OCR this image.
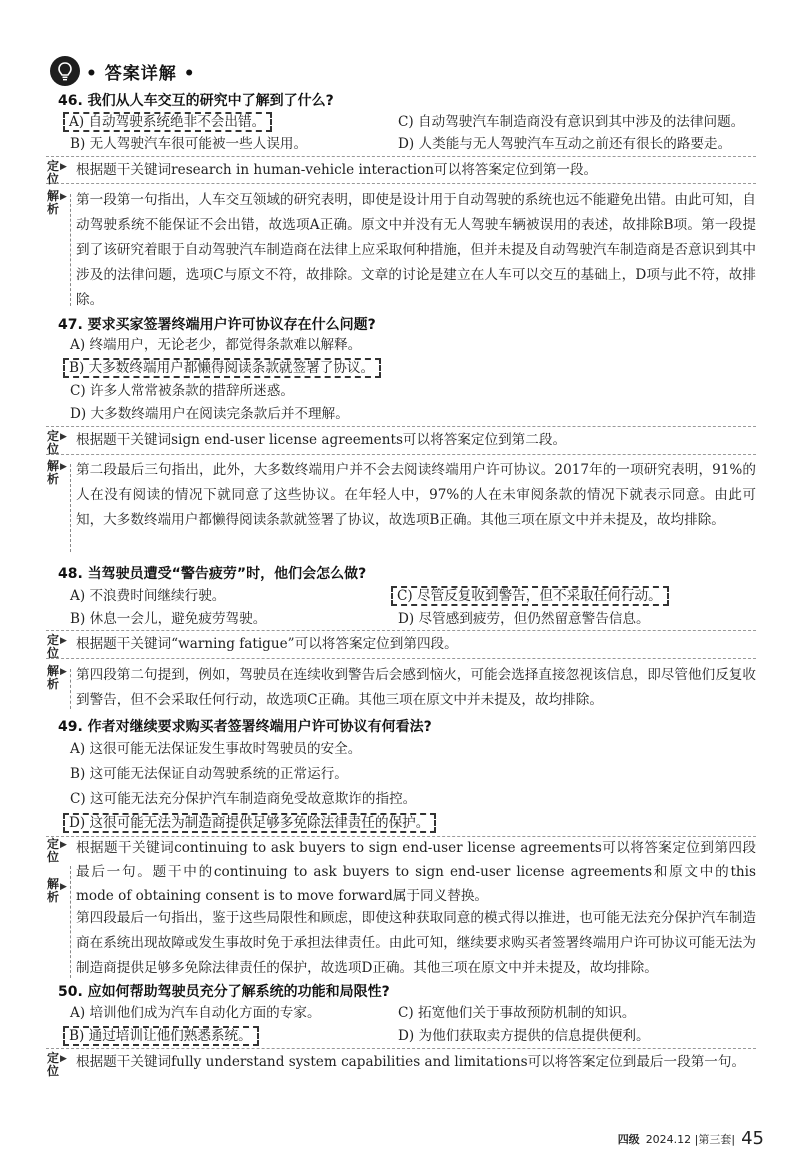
• 答案详解 •
46. 我们从人车交互的研究中了解到了什么?
A) 自动驾驶系统绝非不会出错。	C) 自动驾驶汽车制造商没有意识到其中涉及的法律问题。
B) 无人驾驶汽车很可能被一些人误用。	D) 人类能与无人驾驶汽车互动之前还有很长的路要走。
定位
▶ 根据题干关键词research in human-vehicle interaction可以将答案定位到第一段。

解析
▶ 第一段第一句指出，人车交互领域的研究表明，即使是设计用于自动驾驶的系统也远不能避免出错。由此可知，自动驾驶系统不能保证不会出错，故选项A正确。原文中并没有无人驾驶车辆被误用的表述，故排除B项。第一段提到了该研究着眼于自动驾驶汽车制造商在法律上应采取何种措施，但并未提及自动驾驶汽车制造商是否意识到其中涉及的法律问题，选项C与原文不符，故排除。文章的讨论是建立在人车可以交互的基础上，D项与此不符，故排除。

47. 要求买家签署终端用户许可协议存在什么问题?
A) 终端用户，无论老少，都觉得条款难以解释。
B) 大多数终端用户都懒得阅读条款就签署了协议。
C) 许多人常常被条款的措辞所迷惑。
D) 大多数终端用户在阅读完条款后并不理解。
定位
▶ 根据题干关键词sign end-user license agreements可以将答案定位到第二段。

解析
▶ 第二段最后三句指出，此外，大多数终端用户并不会去阅读终端用户许可协议。2017年的一项研究表明，91%的人在没有阅读的情况下就同意了这些协议。在年轻人中，97%的人在未审阅条款的情况下就表示同意。由此可知，大多数终端用户都懒得阅读条款就签署了协议，故选项B正确。其他三项在原文中并未提及，故均排除。

48. 当驾驶员遭受“警告疲劳”时，他们会怎么做?
A) 不浪费时间继续行驶。	C) 尽管反复收到警告，但不采取任何行动。
B) 休息一会儿，避免疲劳驾驶。	D) 尽管感到疲劳，但仍然留意警告信息。
定位
▶ 根据题干关键词“warning fatigue”可以将答案定位到第四段。

解析
▶ 第四段第二句提到，例如，驾驶员在连续收到警告后会感到恼火，可能会选择直接忽视该信息，即尽管他们反复收到警告，但不会采取任何行动，故选项C正确。其他三项在原文中并未提及，故均排除。

49. 作者对继续要求购买者签署终端用户许可协议有何看法?
A) 这很可能无法保证发生事故时驾驶员的安全。
B) 这可能无法保证自动驾驶系统的正常运行。
C) 这可能无法充分保护汽车制造商免受故意欺诈的指控。
D) 这很可能无法为制造商提供足够多免除法律责任的保护。
定位
▶ 根据题干关键词continuing to ask buyers to sign end-user license agreements可以将答案定位到第四段最后一句。题干中的continuing to ask buyers to sign end-user license agreements和原文中的this mode of obtaining consent is to move forward属于同义替换。

解析
▶

第四段最后一句指出，鉴于这些局限性和顾虑，即使这种获取同意的模式得以推进，也可能无法充分保护汽车制造商在系统出现故障或发生事故时免于承担法律责任。由此可知，继续要求购买者签署终端用户许可协议可能无法为制造商提供足够多免除法律责任的保护，故选项D正确。其他三项在原文中并未提及，故均排除。

50. 应如何帮助驾驶员充分了解系统的功能和局限性?
A) 培训他们成为汽车自动化方面的专家。	C) 拓宽他们关于事故预防机制的知识。
B) 通过培训让他们熟悉系统。	D) 为他们获取卖方提供的信息提供便利。
定位
▶ 根据题干关键词fully understand system capabilities and limitations可以将答案定位到最后一段第一句。

四级 2024.12 |第三套| 45
